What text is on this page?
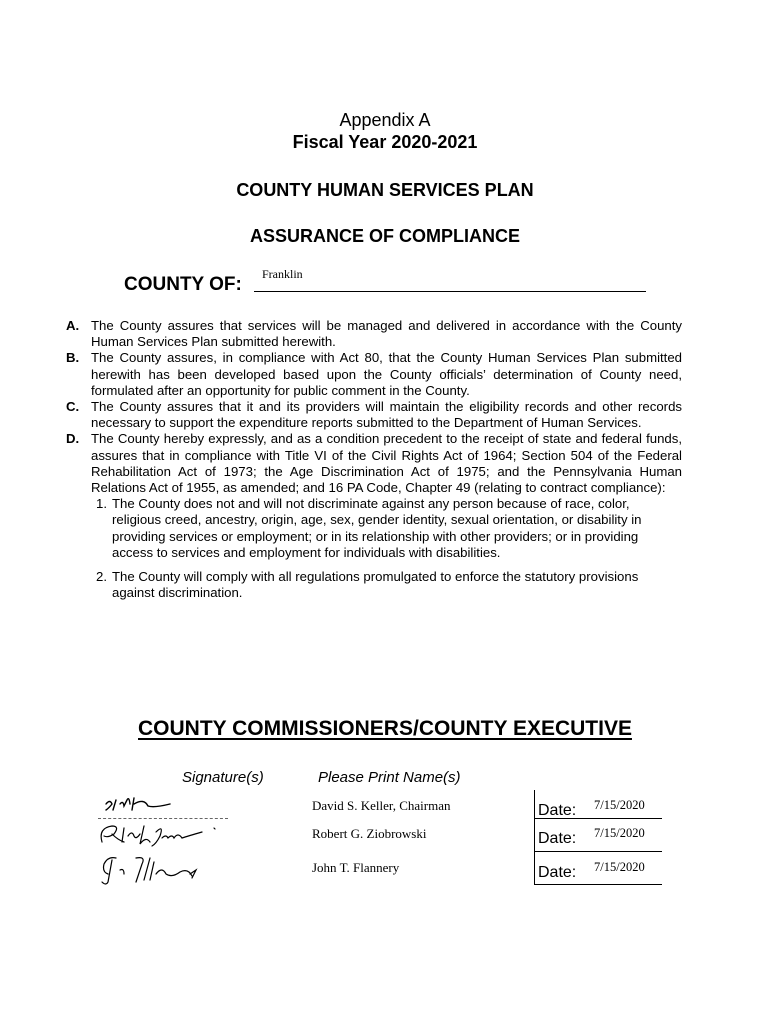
Appendix A
Fiscal Year 2020-2021
COUNTY HUMAN SERVICES PLAN
ASSURANCE OF COMPLIANCE
COUNTY OF: Franklin
A. The County assures that services will be managed and delivered in accordance with the County Human Services Plan submitted herewith.
B. The County assures, in compliance with Act 80, that the County Human Services Plan submitted herewith has been developed based upon the County officials’ determination of County need, formulated after an opportunity for public comment in the County.
C. The County assures that it and its providers will maintain the eligibility records and other records necessary to support the expenditure reports submitted to the Department of Human Services.
D. The County hereby expressly, and as a condition precedent to the receipt of state and federal funds, assures that in compliance with Title VI of the Civil Rights Act of 1964; Section 504 of the Federal Rehabilitation Act of 1973; the Age Discrimination Act of 1975; and the Pennsylvania Human Relations Act of 1955, as amended; and 16 PA Code, Chapter 49 (relating to contract compliance):
1. The County does not and will not discriminate against any person because of race, color, religious creed, ancestry, origin, age, sex, gender identity, sexual orientation, or disability in providing services or employment; or in its relationship with other providers; or in providing access to services and employment for individuals with disabilities.
2. The County will comply with all regulations promulgated to enforce the statutory provisions against discrimination.
COUNTY COMMISSIONERS/COUNTY EXECUTIVE
Signature(s)	Please Print Name(s)
David S. Keller, Chairman	Date: 7/15/2020
Robert G. Ziobrowski	Date: 7/15/2020
John T. Flannery	Date: 7/15/2020
